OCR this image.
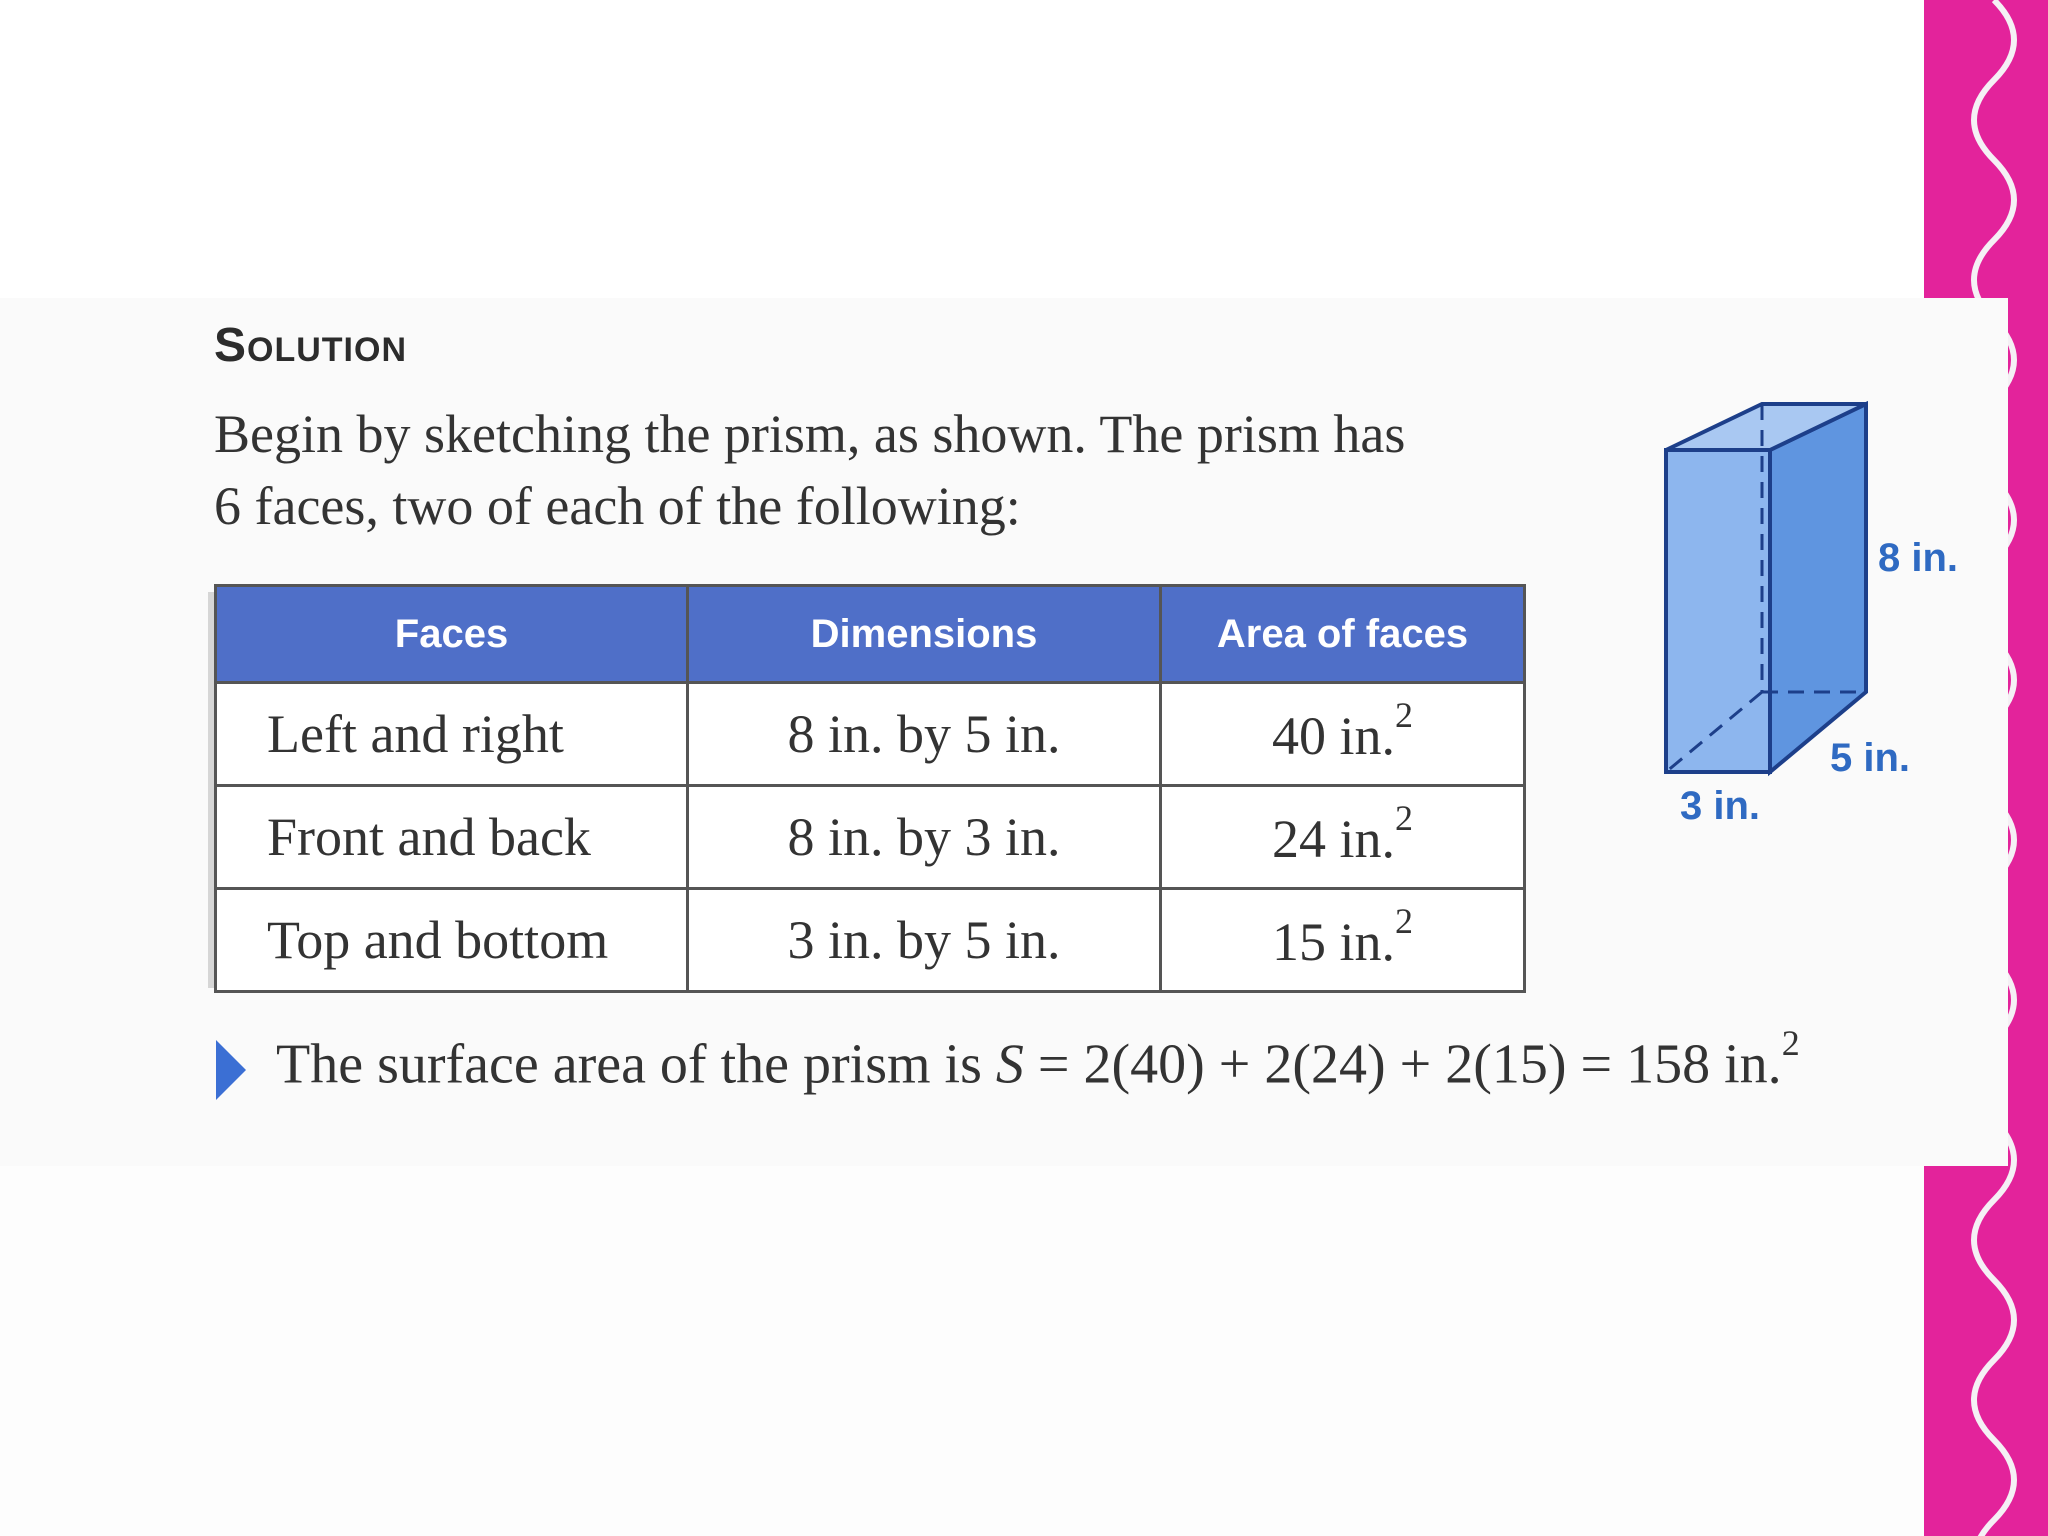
Solution
Begin by sketching the prism, as shown. The prism has 6 faces, two of each of the following:
Faces	Dimensions	Area of faces
Left and right	8 in. by 5 in.	40 in.$^2$
Front and back	8 in. by 3 in.	24 in.$^2$
Top and bottom	3 in. by 5 in.	15 in.$^2$
8 in.
5 in.
3 in.
The surface area of the prism is S = 2(40) + 2(24) + 2(15) = 158 in.$^2$
